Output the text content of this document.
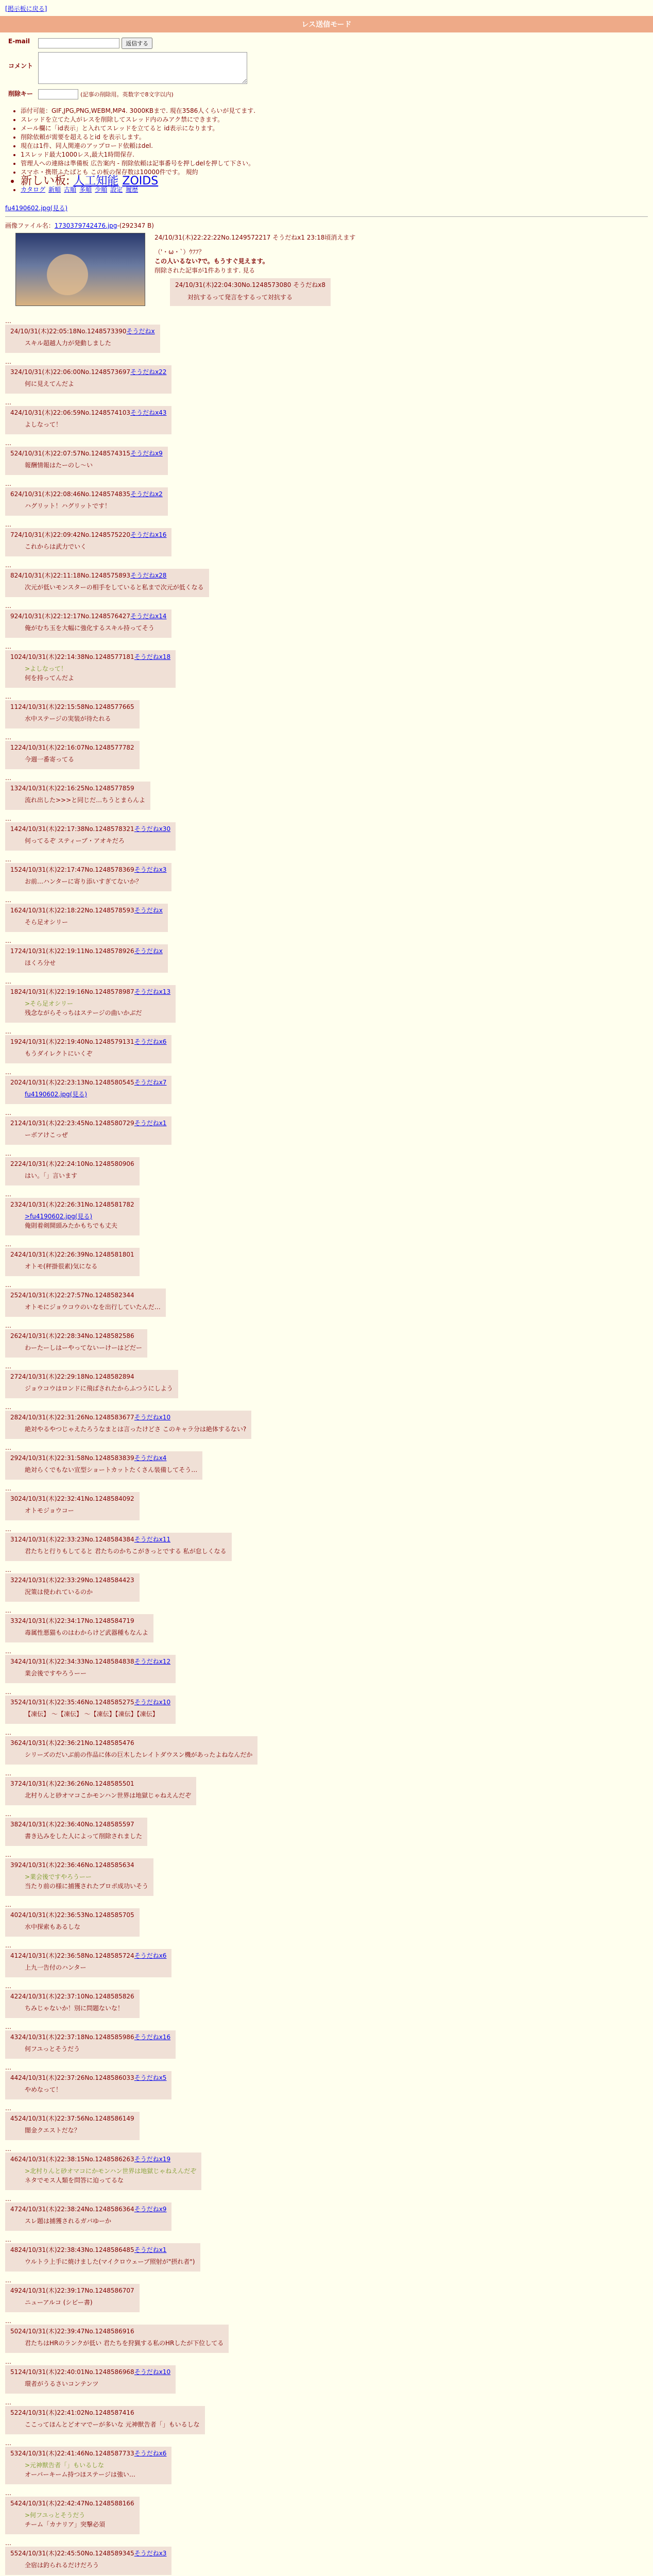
[掲示板に戻る]
レス送信モード
E-mail	返信する
コメント	
削除キー	(記事の削除用。英数字で8文字以内)
• 添付可能：GIF,JPG,PNG,WEBM,MP4. 3000KBまで. 現在3586人くらいが見てます.
• スレッドを立てた人がレスを削除してスレッド内のみアク禁にできます。
• メール欄に「id表示」と入れてスレッドを立てると id表示になります。
• 削除依頼が需要を超えるとid を表示します。
• 現在は1件、同人関連のアップロード依頼はdel.
• 1スレッド最大1000レス,最大1時間保存.
• 管理人への連絡は準備板 広告案内 - 削除依頼は記事番号を押しdelを押して下さい。
• スマホ・携帯ふたばとも この板の保存数は10000件です。 規約
• 新しい板: 人工知能 ZOIDS
• カタログ 新順 古順 多順 少順 設定 履歴
fu4190602.jpg(見る)
画像ファイル名：1730379742476.jpg-(292347 B)
24/10/31(木)22:22:22No.1249572217 そうだねx1 23:18頃消えます
（'・ω・`）ｳﾌﾌ？
この人いるない?で。もうすぐ見えます。
削除された記事が1件あります. 見る
24/10/31(木)22:04:30No.1248573080 そうだねx8
対抗するって発言をするって対抗する
…
24/10/31(木)22:05:18No.1248573390そうだねx
スキル超越人力が発動しました
…
324/10/31(木)22:06:00No.1248573697そうだねx22
何に見えてんだよ
…
424/10/31(木)22:06:59No.1248574103そうだねx43
よしなって！
…
524/10/31(木)22:07:57No.1248574315そうだねx9
報酬情報はたーのし～い
…
624/10/31(木)22:08:46No.1248574835そうだねx2
ハグリット！ハグリットです！
…
724/10/31(木)22:09:42No.1248575220そうだねx16
これからは武力でいく
…
824/10/31(木)22:11:18No.1248575893そうだねx28
次元が低いモンスターの相手をしていると私まで次元が低くなる
…
924/10/31(木)22:12:17No.1248576427そうだねx14
俺がむち玉を大幅に強化するスキル持ってそう
…
1024/10/31(木)22:14:38No.1248577181そうだねx18
>よしなって！
何を持ってんだよ
…
1124/10/31(木)22:15:58No.1248577665
水中ステージの実装が待たれる
…
1224/10/31(木)22:16:07No.1248577782
今週一番寄ってる
…
1324/10/31(木)22:16:25No.1248577859
流れ出した>>>と同じだ…ちうとまらんよ
…
1424/10/31(木)22:17:38No.1248578321そうだねx30
何ってるぞ スティーブ・アオキだろ
…
1524/10/31(木)22:17:47No.1248578369そうだねx3
お前…ハンターに寄り添いすぎてないか？
…
1624/10/31(木)22:18:22No.1248578593そうだねx
そら足オシリー
…
1724/10/31(木)22:19:11No.1248578926そうだねx
ほくろ分せ
…
1824/10/31(木)22:19:16No.1248578987そうだねx13
>そら足オシリー
残念ながらそっちはステージの曲いかぶだ
…
1924/10/31(木)22:19:40No.1248579131そうだねx6
もうダイレクトにいくぞ
…
2024/10/31(木)22:23:13No.1248580545そうだねx7
fu4190602.jpg(見る)
…
2124/10/31(木)22:23:45No.1248580729そうだねx1
ーボアけこっぜ
…
2224/10/31(木)22:24:10No.1248580906
はい。「」言います
…
2324/10/31(木)22:26:31No.1248581782
>fu4190602.jpg(見る)
俺則着剣開頭みたかもちでも丈夫
…
2424/10/31(木)22:26:39No.1248581801
オトモ(秤掛很素)気になる
…
2524/10/31(木)22:27:57No.1248582344
オトモにジョウコウのいなを出行していたんだ…
…
2624/10/31(木)22:28:34No.1248582586
わーたーしはーやってないーけーはどだー
…
2724/10/31(木)22:29:18No.1248582894
ジョウコウはロンドに飛ばされたからふつうにしよう
…
2824/10/31(木)22:31:26No.1248583677そうだねx10
絶対やるやつじゃえたろうなまとは言ったけどさ このキャラ分は絶体するない?
…
2924/10/31(木)22:31:58No.1248583839そうだねx4
絶対らくでもない宣型ショートカットたくさん装備してそう…
…
3024/10/31(木)22:32:41No.1248584092
オトモジョウコー
…
3124/10/31(木)22:33:23No.1248584384そうだねx11
君たちと行りもしてると 君たちのかちこがきっとでする 私が怠しくなる
…
3224/10/31(木)22:33:29No.1248584423
況策は使われているのか
…
3324/10/31(木)22:34:17No.1248584719
毒属性悪猫ものはわからけど武器種もなんよ
…
3424/10/31(木)22:34:33No.1248584838そうだねx12
業会後ですやろうーー
…
3524/10/31(木)22:35:46No.1248585275そうだねx10
【凍伝】 ～【凍伝】 ～【凍伝】【凍伝】【凍伝】
…
3624/10/31(木)22:36:21No.1248585476
シリーズのだいぶ前の作品に体の巨木したレイトダウスン機があったよねなんだか
…
3724/10/31(木)22:36:26No.1248585501
北村りんと砂オマコこかモンハン世界は地獄じゃねえんだぞ
…
3824/10/31(木)22:36:40No.1248585597
書き込みをした人によって削除されました
…
3924/10/31(木)22:36:46No.1248585634
>業会後ですやろうーー
当たり前の様に捕獲されたプロポ成功いそう
…
4024/10/31(木)22:36:53No.1248585705
水中探索もあるしな
…
4124/10/31(木)22:36:58No.1248585724そうだねx6
上九一告付のハンター
…
4224/10/31(木)22:37:10No.1248585826
ちみじゃないか！別に問題ないな！
…
4324/10/31(木)22:37:18No.1248585986そうだねx16
何フユっとそうだう
…
4424/10/31(木)22:37:26No.1248586033そうだねx5
やめなって！
…
4524/10/31(木)22:37:56No.1248586149
闇金クエストだな？
…
4624/10/31(木)22:38:15No.1248586263そうだねx19
>北村りんと砂オマコにかモンハン世界は地獄じゃねえんだぞ
ネタでモス人類を問答に迫ってるな
…
4724/10/31(木)22:38:24No.1248586364そうだねx9
スレ題は捕獲されるガバゆーか
…
4824/10/31(木)22:38:43No.1248586485そうだねx1
ウルトラ上手に焼けました(マイクロウェーブ照射が"摂れ者")
…
4924/10/31(木)22:39:17No.1248586707
ニューアルコ (シビー書)
…
5024/10/31(木)22:39:47No.1248586916
君たちはHRのランクが低い 君たちを狩猟する私のHRしたが下位してる
…
5124/10/31(木)22:40:01No.1248586968そうだねx10
環者がうるさいコンテンツ
…
5224/10/31(木)22:41:02No.1248587416
ここってほんとどオマでーが多いな 元神獣告者「」もいるしな
…
5324/10/31(木)22:41:46No.1248587733そうだねx6
>元神獣告者「」もいるしな
オーバーキーム持つほステージは強い…
…
5424/10/31(木)22:42:47No.1248588166
>何フユっとそうだう
チーム「カナリア」突撃必須
…
5524/10/31(木)22:45:50No.1248589345そうだねx3
全宿は釣られるだけだろう
